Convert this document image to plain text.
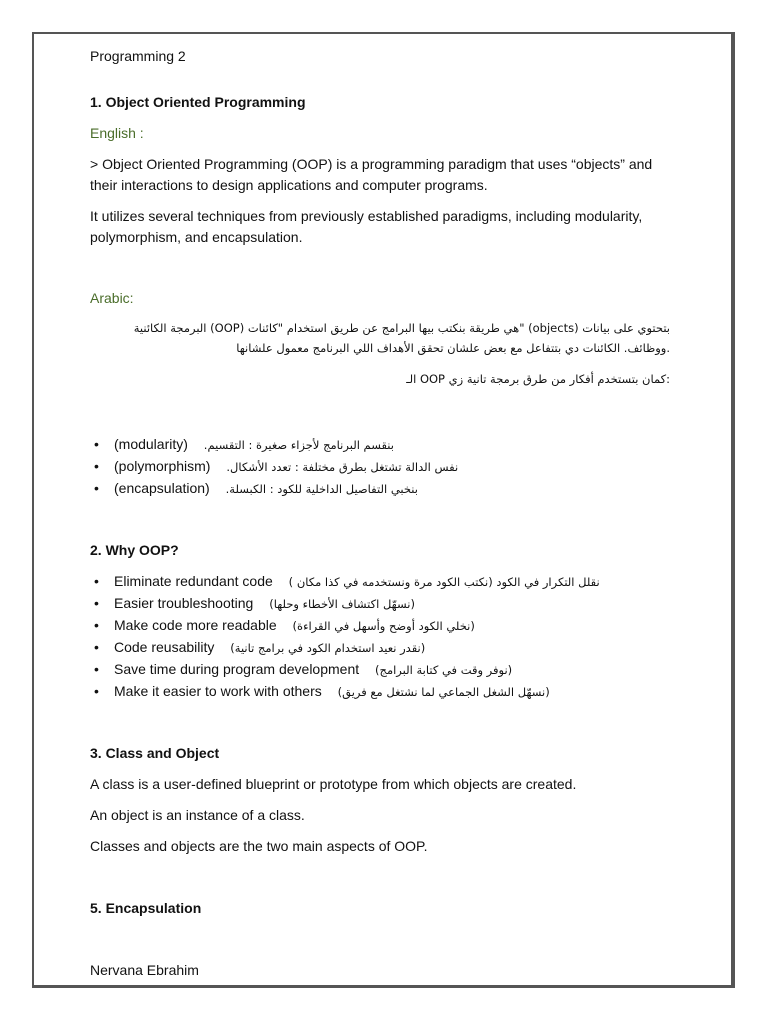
Programming 2
1. Object Oriented Programming
English :
> Object Oriented Programming (OOP) is a programming paradigm that uses “objects” and their interactions to design applications and computer programs.
It utilizes several techniques from previously established paradigms, including modularity, polymorphism, and encapsulation.
Arabic:
بتحتوي على بيانات (objects) "هي طريقة بنكتب بيها البرامج عن طريق استخدام "كائنات (OOP) البرمجة الكائنية
.ووظائف. الكائنات دي بتتفاعل مع بعض علشان تحقق الأهداف اللي البرنامج معمول علشانها
:كمان بتستخدم أفكار من طرق برمجة تانية زي OOP الـ
• (modularity) .بنقسم البرنامج لأجزاء صغيرة : التقسيم
• (polymorphism) .نفس الدالة تشتغل بطرق مختلفة : تعدد الأشكال
• (encapsulation) .بنخبي التفاصيل الداخلية للكود : الكبسلة
2. Why OOP?
• Eliminate redundant code نقلل التكرار في الكود (نكتب الكود مرة ونستخدمه في كذا مكان )
• Easier troubleshooting (نسهّل اكتشاف الأخطاء وحلها)
• Make code more readable (نخلي الكود أوضح وأسهل في القراءة)
• Code reusability (نقدر نعيد استخدام الكود في برامج تانية)
• Save time during program development (نوفر وقت في كتابة البرامج)
• Make it easier to work with others (نسهّل الشغل الجماعي لما نشتغل مع فريق)
3. Class and Object
A class is a user-defined blueprint or prototype from which objects are created.
An object is an instance of a class.
Classes and objects are the two main aspects of OOP.
5. Encapsulation
Nervana Ebrahim
